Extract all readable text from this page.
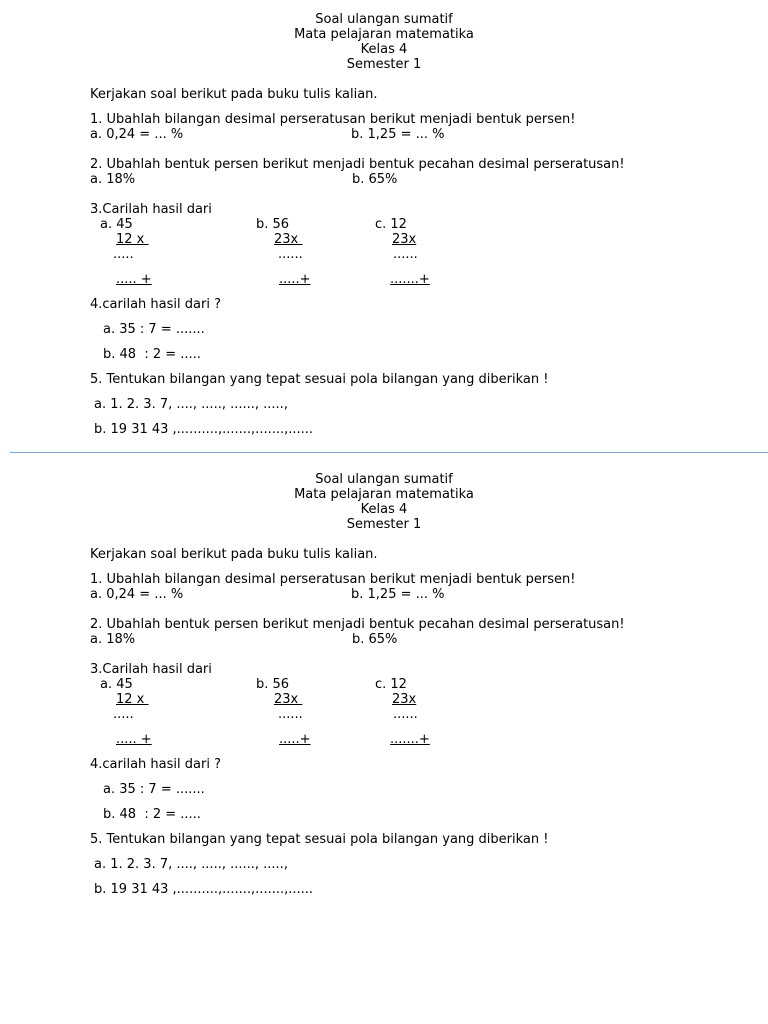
Soal ulangan sumatif
Mata pelajaran matematika
Kelas 4
Semester 1
Kerjakan soal berikut pada buku tulis kalian.
1. Ubahlah bilangan desimal perseratusan berikut menjadi bentuk persen!
a. 0,24 = ... %	b. 1,25 = ... %
2. Ubahlah bentuk persen berikut menjadi bentuk pecahan desimal perseratusan!
a. 18%	b. 65%
3.Carilah hasil dari
a. 45	b. 56	c. 12
12 x	23x	23x
.....	......	......
..... +	.....+	.......+
4.carilah hasil dari ?
a. 35 : 7 = .......
b. 48  : 2 = .....
5. Tentukan bilangan yang tepat sesuai pola bilangan yang diberikan !
a. 1. 2. 3. 7, ...., ....., ......, .....,
b. 19 31 43 ,..........,.......,.......,......
Soal ulangan sumatif
Mata pelajaran matematika
Kelas 4
Semester 1
Kerjakan soal berikut pada buku tulis kalian.
1. Ubahlah bilangan desimal perseratusan berikut menjadi bentuk persen!
a. 0,24 = ... %	b. 1,25 = ... %
2. Ubahlah bentuk persen berikut menjadi bentuk pecahan desimal perseratusan!
a. 18%	b. 65%
3.Carilah hasil dari
a. 45	b. 56	c. 12
12 x	23x	23x
.....	......	......
..... +	.....+	.......+
4.carilah hasil dari ?
a. 35 : 7 = .......
b. 48  : 2 = .....
5. Tentukan bilangan yang tepat sesuai pola bilangan yang diberikan !
a. 1. 2. 3. 7, ...., ....., ......, .....,
b. 19 31 43 ,..........,.......,.......,......
